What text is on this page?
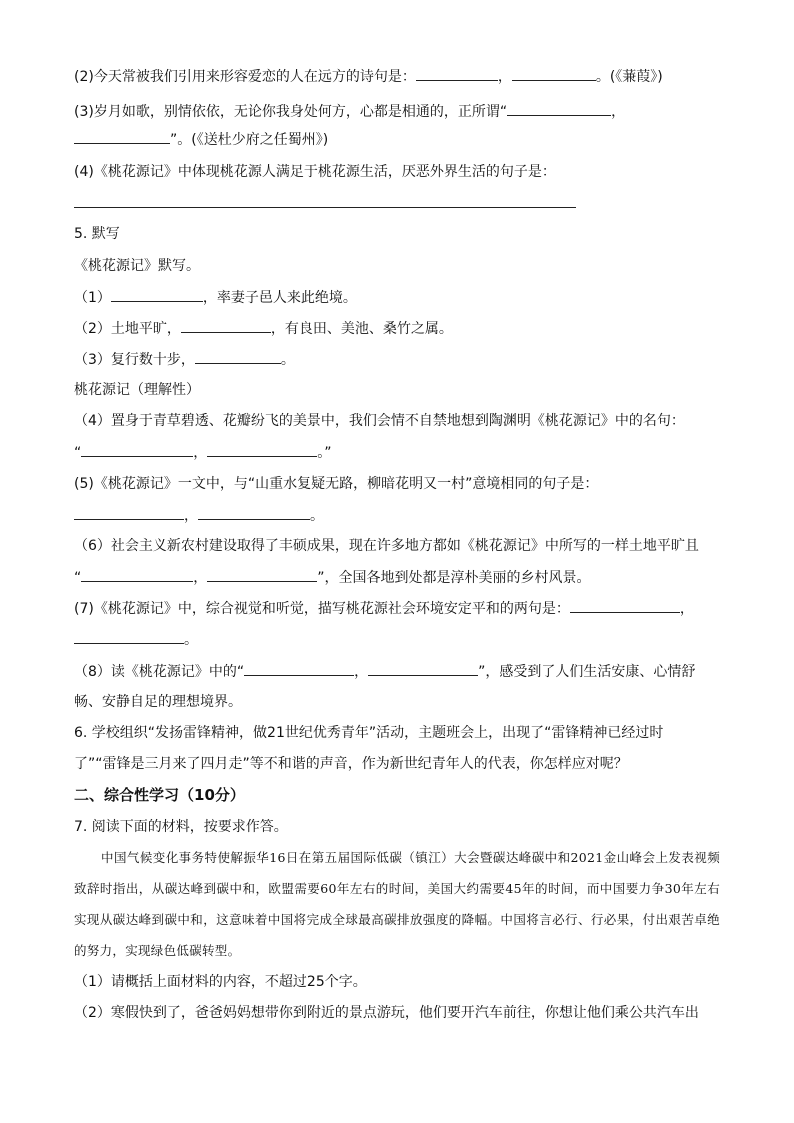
(2)今天常被我们引用来形容爱恋的人在远方的诗句是：	，	。(《蒹葭》)
(3)岁月如歌，别情依依，无论你我身处何方，心都是相通的，正所谓“	，
”。(《送杜少府之任蜀州》)
(4)《桃花源记》中体现桃花源人满足于桃花源生活，厌恶外界生活的句子是：
5. 默写
《桃花源记》默写。
（1）	，率妻子邑人来此绝境。
（2）土地平旷，	，有良田、美池、桑竹之属。
（3）复行数十步，	。
桃花源记（理解性）
（4）置身于青草碧透、花瓣纷飞的美景中，我们会情不自禁地想到陶渊明《桃花源记》中的名句：
“	，	。”
(5)《桃花源记》一文中，与“山重水复疑无路，柳暗花明又一村”意境相同的句子是：
，	。
（6）社会主义新农村建设取得了丰硕成果，现在许多地方都如《桃花源记》中所写的一样土地平旷且
“	，	”，全国各地到处都是淳朴美丽的乡村风景。
(7)《桃花源记》中，综合视觉和听觉，描写桃花源社会环境安定平和的两句是：	，
。
（8）读《桃花源记》中的“	，	”，感受到了人们生活安康、心情舒
畅、安静自足的理想境界。
6. 学校组织“发扬雷锋精神，做21世纪优秀青年”活动，主题班会上，出现了“雷锋精神已经过时
了”“雷锋是三月来了四月走”等不和谐的声音，作为新世纪青年人的代表，你怎样应对呢？
二、综合性学习（10分）
7. 阅读下面的材料，按要求作答。
中国气候变化事务特使解振华16日在第五届国际低碳（镇江）大会暨碳达峰碳中和2021金山峰会上发表视频致辞时指出，从碳达峰到碳中和，欧盟需要60年左右的时间，美国大约需要45年的时间，而中国要力争30年左右实现从碳达峰到碳中和，这意味着中国将完成全球最高碳排放强度的降幅。中国将言必行、行必果，付出艰苦卓绝的努力，实现绿色低碳转型。
（1）请概括上面材料的内容，不超过25个字。
（2）寒假快到了，爸爸妈妈想带你到附近的景点游玩，他们要开汽车前往，你想让他们乘公共汽车出
